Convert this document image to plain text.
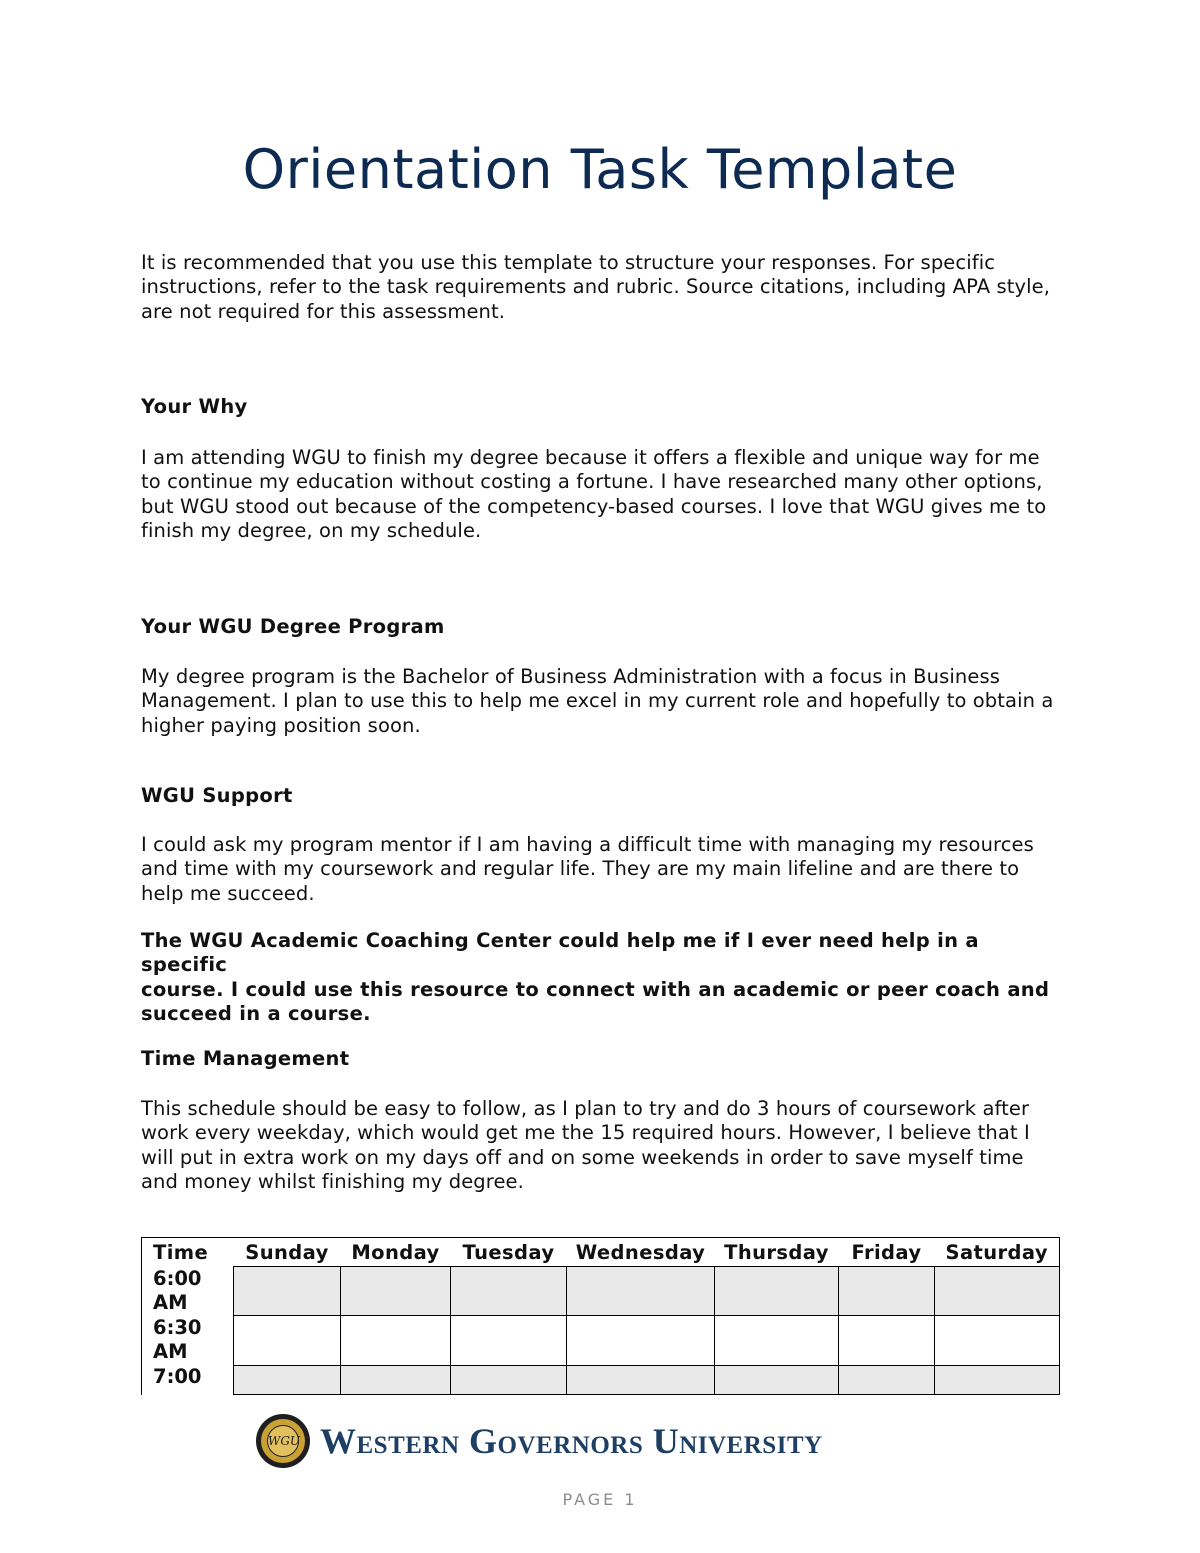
Orientation Task Template

It is recommended that you use this template to structure your responses. For specific
instructions, refer to the task requirements and rubric. Source citations, including APA style,
are not required for this assessment.

Your Why

I am attending WGU to finish my degree because it offers a flexible and unique way for me
to continue my education without costing a fortune. I have researched many other options,
but WGU stood out because of the competency-based courses. I love that WGU gives me to
finish my degree, on my schedule.

Your WGU Degree Program

My degree program is the Bachelor of Business Administration with a focus in Business
Management. I plan to use this to help me excel in my current role and hopefully to obtain a
higher paying position soon.

WGU Support

I could ask my program mentor if I am having a difficult time with managing my resources
and time with my coursework and regular life. They are my main lifeline and are there to
help me succeed.

The WGU Academic Coaching Center could help me if I ever need help in a specific
course. I could use this resource to connect with an academic or peer coach and
succeed in a course.

Time Management

This schedule should be easy to follow, as I plan to try and do 3 hours of coursework after
work every weekday, which would get me the 15 required hours. However, I believe that I
will put in extra work on my days off and on some weekends in order to save myself time
and money whilst finishing my degree.

Time	Sunday	Monday	Tuesday	Wednesday	Thursday	Friday	Saturday
6:00
AM							
6:30
AM							
7:00							
WGU Western Governors University

PAGE 1
